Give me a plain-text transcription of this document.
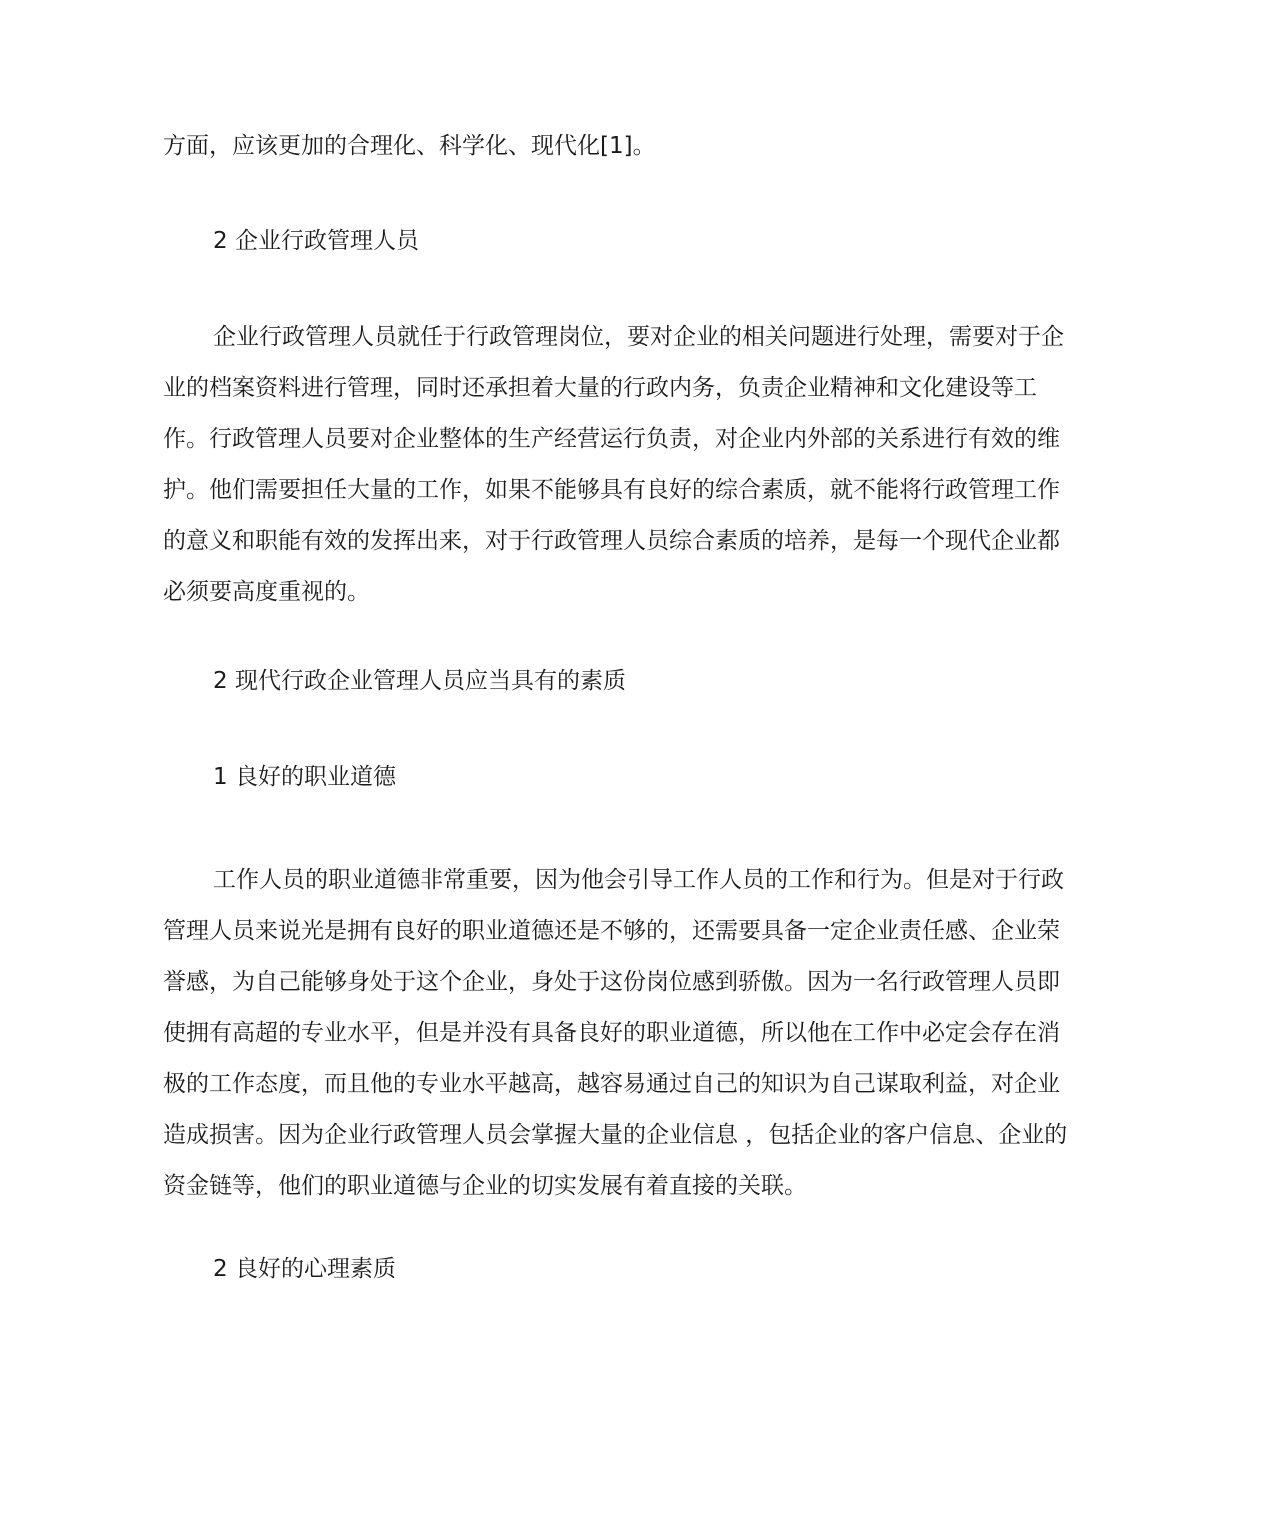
方面，应该更加的合理化、科学化、现代化[1]。
2 企业行政管理人员
企业行政管理人员就任于行政管理岗位，要对企业的相关问题进行处理，需要对于企
业的档案资料进行管理，同时还承担着大量的行政内务，负责企业精神和文化建设等工
作。行政管理人员要对企业整体的生产经营运行负责，对企业内外部的关系进行有效的维
护。他们需要担任大量的工作，如果不能够具有良好的综合素质，就不能将行政管理工作
的意义和职能有效的发挥出来，对于行政管理人员综合素质的培养，是每一个现代企业都
必须要高度重视的。
2 现代行政企业管理人员应当具有的素质
1 良好的职业道德
工作人员的职业道德非常重要，因为他会引导工作人员的工作和行为。但是对于行政
管理人员来说光是拥有良好的职业道德还是不够的，还需要具备一定企业责任感、企业荣
誉感，为自己能够身处于这个企业，身处于这份岗位感到骄傲。因为一名行政管理人员即
使拥有高超的专业水平，但是并没有具备良好的职业道德，所以他在工作中必定会存在消
极的工作态度，而且他的专业水平越高，越容易通过自己的知识为自己谋取利益，对企业
造成损害。因为企业行政管理人员会掌握大量的企业信息 ，包括企业的客户信息、企业的
资金链等，他们的职业道德与企业的切实发展有着直接的关联。
2 良好的心理素质
